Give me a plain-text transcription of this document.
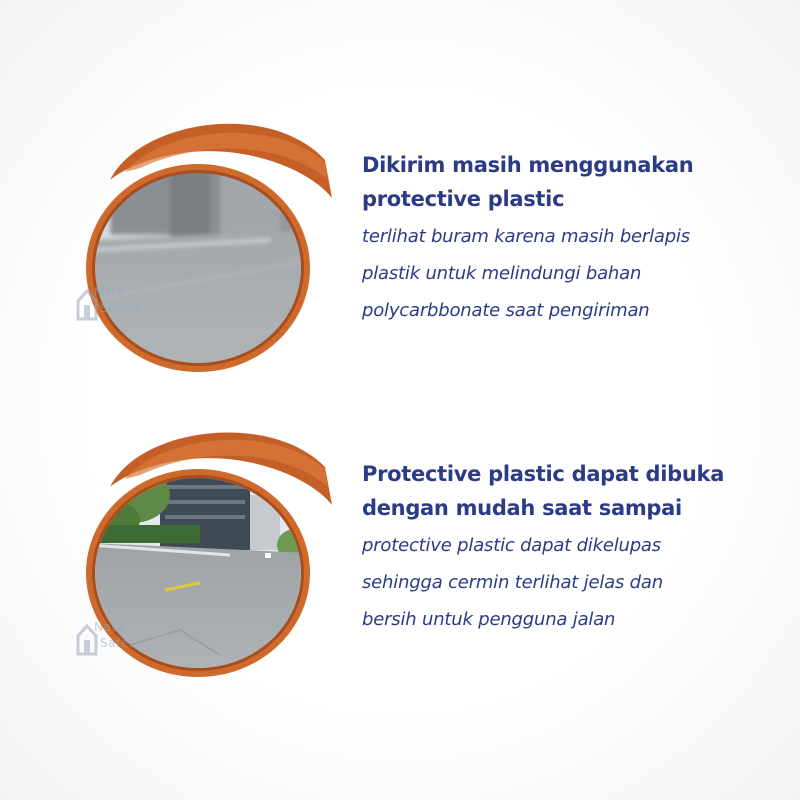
Nata
Safety

Dikirim masih menggunakan
protective plastic

terlihat buram karena masih berlapis
plastik untuk melindungi bahan
polycarbbonate saat pengiriman

Nata
Safety

Protective plastic dapat dibuka
dengan mudah saat sampai

protective plastic dapat dikelupas
sehingga cermin terlihat jelas dan
bersih untuk pengguna jalan
